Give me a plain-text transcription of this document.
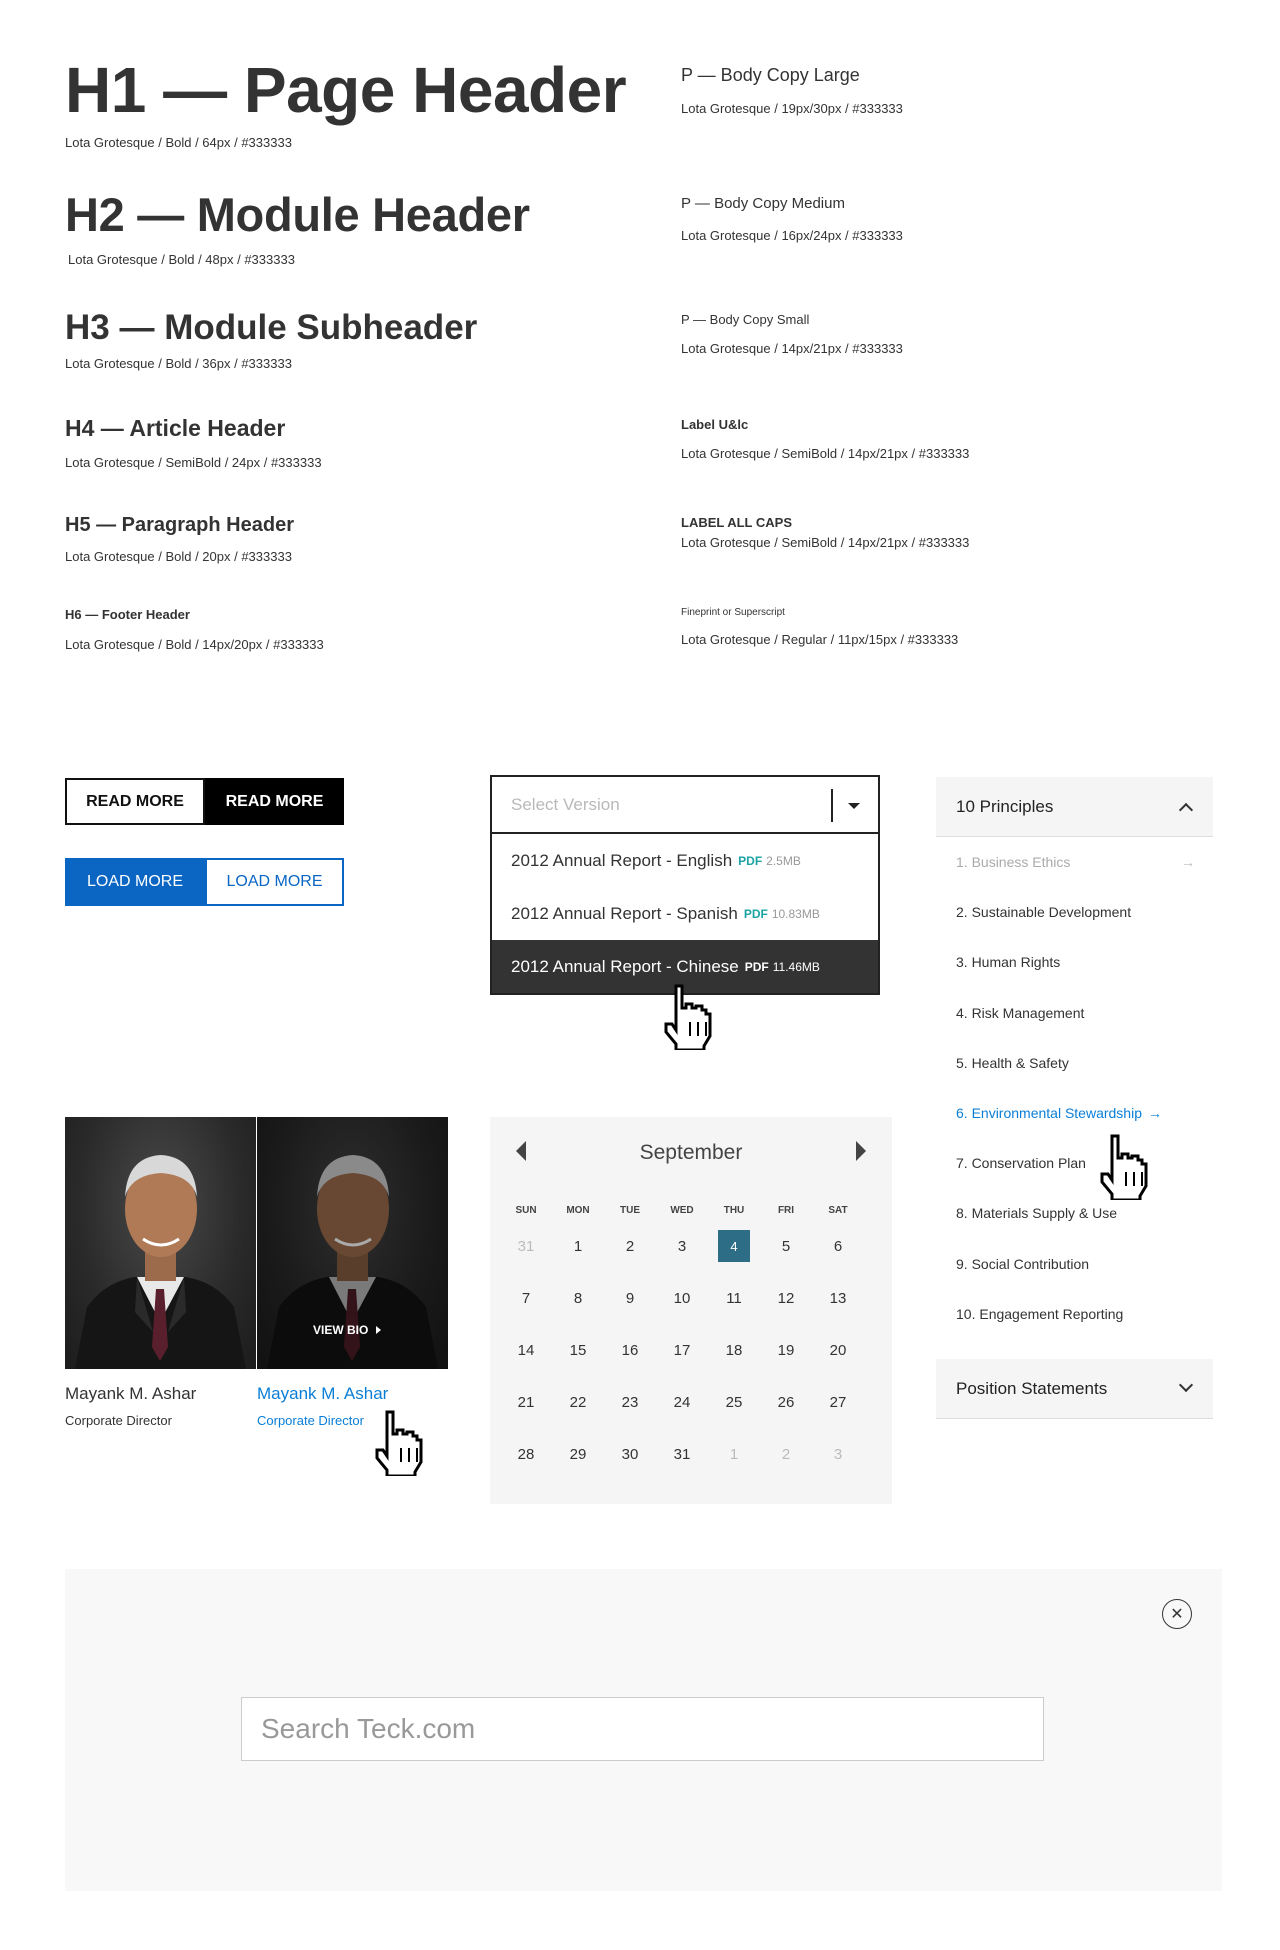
H1 — Page Header
Lota Grotesque / Bold / 64px / #333333
H2 — Module Header
Lota Grotesque / Bold / 48px / #333333
H3 — Module Subheader
Lota Grotesque / Bold / 36px / #333333
H4 — Article Header
Lota Grotesque / SemiBold / 24px / #333333
H5 — Paragraph Header
Lota Grotesque / Bold / 20px / #333333
H6 — Footer Header
Lota Grotesque / Bold / 14px/20px / #333333
P — Body Copy Large
Lota Grotesque / 19px/30px / #333333
P — Body Copy Medium
Lota Grotesque / 16px/24px / #333333
P — Body Copy Small
Lota Grotesque / 14px/21px / #333333
Label U&lc
Lota Grotesque / SemiBold / 14px/21px / #333333
LABEL ALL CAPS
Lota Grotesque / SemiBold / 14px/21px / #333333
Fineprint or Superscript
Lota Grotesque / Regular / 11px/15px / #333333
READ MORE	READ MORE
LOAD MORE	LOAD MORE
Select Version
2012 Annual Report - English PDF 2.5MB
2012 Annual Report - Spanish PDF 10.83MB
2012 Annual Report - Chinese PDF 11.46MB
10 Principles
1. Business Ethics	→
2. Sustainable Development
3. Human Rights
4. Risk Management
5. Health & Safety
6. Environmental Stewardship →
7. Conservation Plan
8. Materials Supply & Use
9. Social Contribution
10. Engagement Reporting
Position Statements
VIEW BIO
Mayank M. Ashar
Corporate Director
Mayank M. Ashar
Corporate Director
September
SUN	MON	TUE	WED	THU	FRI	SAT
31	1	2	3	4	5	6
7	8	9	10 11 12 13
14 15 16 17 18 19 20
21 22 23 24 25 26 27
28 29 30 31	1	2	3
✕
Search Teck.com
